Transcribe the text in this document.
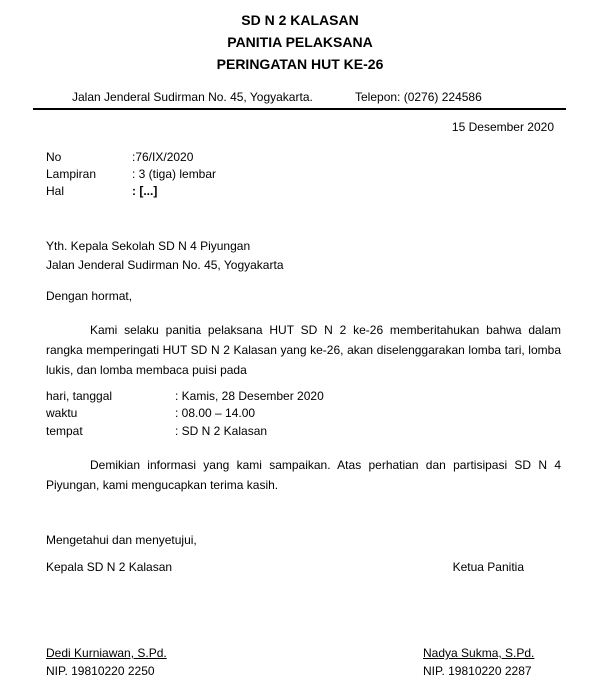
SD N 2 KALASAN
PANITIA PELAKSANA
PERINGATAN HUT KE-26
Jalan Jenderal Sudirman No. 45, Yogyakarta.	Telepon: (0276) 224586
15 Desember 2020
No	:76/IX/2020
Lampiran	: 3 (tiga) lembar
Hal	: [...]
Yth. Kepala Sekolah SD N 4 Piyungan
Jalan Jenderal Sudirman No. 45, Yogyakarta
Dengan hormat,
Kami selaku panitia pelaksana HUT SD N 2 ke-26 memberitahukan bahwa dalam rangka memperingati HUT SD N 2 Kalasan yang ke-26, akan diselenggarakan lomba tari, lomba lukis, dan lomba membaca puisi pada
hari, tanggal	: Kamis, 28 Desember 2020
waktu	: 08.00 – 14.00
tempat	: SD N 2 Kalasan
Demikian informasi yang kami sampaikan. Atas perhatian dan partisipasi SD N 4 Piyungan, kami mengucapkan terima kasih.
Mengetahui dan menyetujui,
Kepala SD N 2 Kalasan	Ketua Panitia
Dedi Kurniawan, S.Pd.
NIP. 19810220 2250
Nadya Sukma, S.Pd.
NIP. 19810220 2287
